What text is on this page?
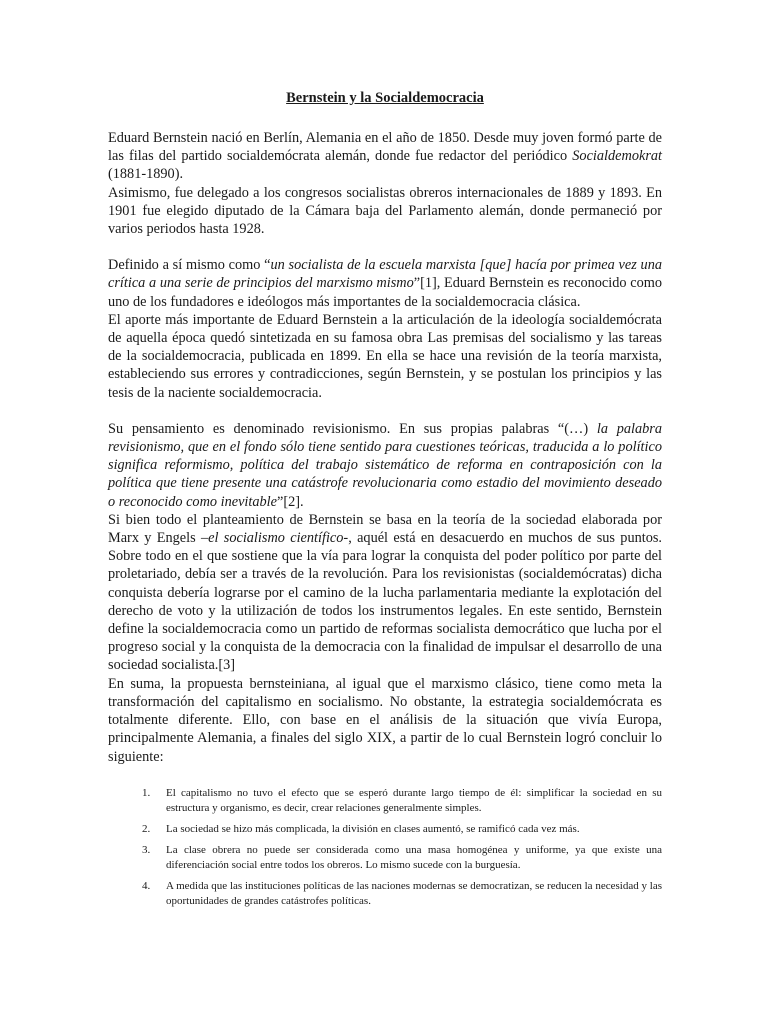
Bernstein y la Socialdemocracia

Eduard Bernstein nació en Berlín, Alemania en el año de 1850. Desde muy joven formó parte de las filas del partido socialdemócrata alemán, donde fue redactor del periódico Socialdemokrat (1881-1890).

Asimismo, fue delegado a los congresos socialistas obreros internacionales de 1889 y 1893. En 1901 fue elegido diputado de la Cámara baja del Parlamento alemán, donde permaneció por varios periodos hasta 1928.

Definido a sí mismo como “un socialista de la escuela marxista [que] hacía por primea vez una crítica a una serie de principios del marxismo mismo”[1], Eduard Bernstein es reconocido como uno de los fundadores e ideólogos más importantes de la socialdemocracia clásica.

El aporte más importante de Eduard Bernstein a la articulación de la ideología socialdemócrata de aquella época quedó sintetizada en su famosa obra Las premisas del socialismo y las tareas de la socialdemocracia, publicada en 1899. En ella se hace una revisión de la teoría marxista, estableciendo sus errores y contradicciones, según Bernstein, y se postulan los principios y las tesis de la naciente socialdemocracia.

Su pensamiento es denominado revisionismo. En sus propias palabras “(…) la palabra revisionismo, que en el fondo sólo tiene sentido para cuestiones teóricas, traducida a lo político significa reformismo, política del trabajo sistemático de reforma en contraposición con la política que tiene presente una catástrofe revolucionaria como estadio del movimiento deseado o reconocido como inevitable”[2].

Si bien todo el planteamiento de Bernstein se basa en la teoría de la sociedad elaborada por Marx y Engels –el socialismo científico-, aquél está en desacuerdo en muchos de sus puntos. Sobre todo en el que sostiene que la vía para lograr la conquista del poder político por parte del proletariado, debía ser a través de la revolución. Para los revisionistas (socialdemócratas) dicha conquista debería lograrse por el camino de la lucha parlamentaria mediante la explotación del derecho de voto y la utilización de todos los instrumentos legales. En este sentido, Bernstein define la socialdemocracia como un partido de reformas socialista democrático que lucha por el progreso social y la conquista de la democracia con la finalidad de impulsar el desarrollo de una sociedad socialista.[3]

En suma, la propuesta bernsteiniana, al igual que el marxismo clásico, tiene como meta la transformación del capitalismo en socialismo. No obstante, la estrategia socialdemócrata es totalmente diferente. Ello, con base en el análisis de la situación que vivía Europa, principalmente Alemania, a finales del siglo XIX, a partir de lo cual Bernstein logró concluir lo siguiente:

1.	El capitalismo no tuvo el efecto que se esperó durante largo tiempo de él: simplificar la sociedad en su estructura y organismo, es decir, crear relaciones generalmente simples.
2.	La sociedad se hizo más complicada, la división en clases aumentó, se ramificó cada vez más.
3.	La clase obrera no puede ser considerada como una masa homogénea y uniforme, ya que existe una diferenciación social entre todos los obreros. Lo mismo sucede con la burguesía.
4.	A medida que las instituciones políticas de las naciones modernas se democratizan, se reducen la necesidad y las oportunidades de grandes catástrofes políticas.
